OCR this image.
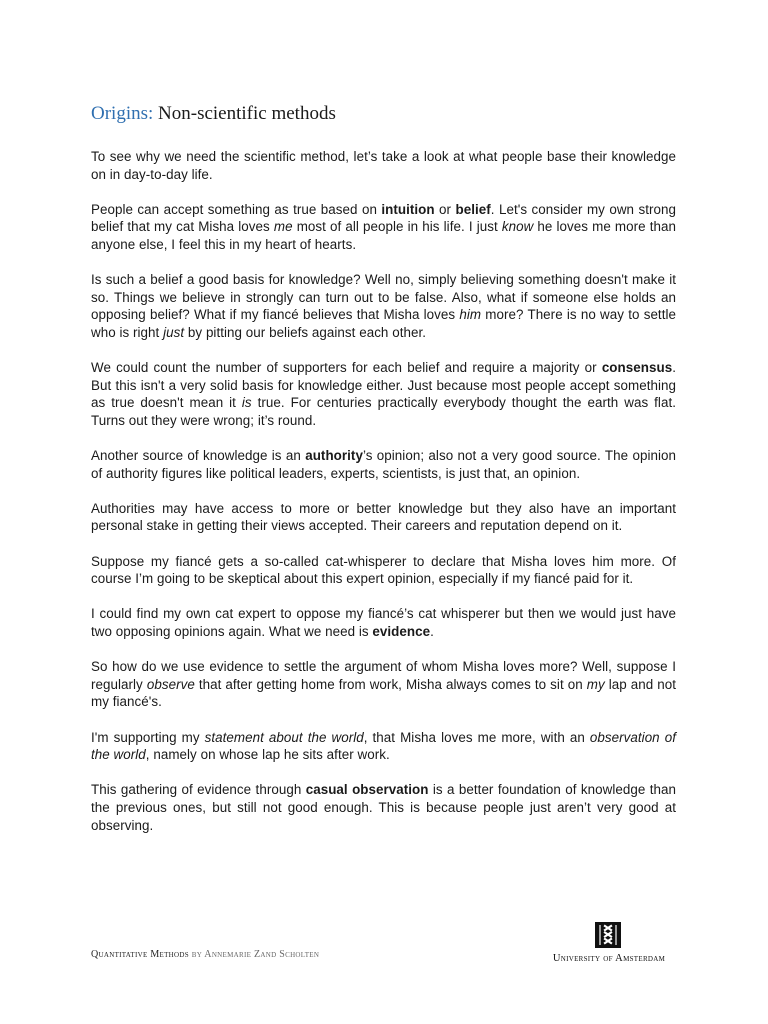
Origins: Non-scientific methods

To see why we need the scientific method, let’s take a look at what people base their knowledge on in day-to-day life.

People can accept something as true based on intuition or belief. Let's consider my own strong belief that my cat Misha loves me most of all people in his life. I just know he loves me more than anyone else, I feel this in my heart of hearts.

Is such a belief a good basis for knowledge? Well no, simply believing something doesn't make it so. Things we believe in strongly can turn out to be false. Also, what if someone else holds an opposing belief? What if my fiancé believes that Misha loves him more? There is no way to settle who is right just by pitting our beliefs against each other.

We could count the number of supporters for each belief and require a majority or consensus. But this isn't a very solid basis for knowledge either. Just because most people accept something as true doesn't mean it is true. For centuries practically everybody thought the earth was flat. Turns out they were wrong; it’s round.

Another source of knowledge is an authority’s opinion; also not a very good source. The opinion of authority figures like political leaders, experts, scientists, is just that, an opinion.

Authorities may have access to more or better knowledge but they also have an important personal stake in getting their views accepted. Their careers and reputation depend on it.

Suppose my fiancé gets a so-called cat-whisperer to declare that Misha loves him more. Of course I’m going to be skeptical about this expert opinion, especially if my fiancé paid for it.

I could find my own cat expert to oppose my fiancé’s cat whisperer but then we would just have two opposing opinions again. What we need is evidence.

So how do we use evidence to settle the argument of whom Misha loves more? Well, suppose I regularly observe that after getting home from work, Misha always comes to sit on my lap and not my fiancé's.

I'm supporting my statement about the world, that Misha loves me more, with an observation of the world, namely on whose lap he sits after work.

This gathering of evidence through casual observation is a better foundation of knowledge than the previous ones, but still not good enough. This is because people just aren’t very good at observing.

Quantitative Methods by Annemarie Zand Scholten	University of Amsterdam
